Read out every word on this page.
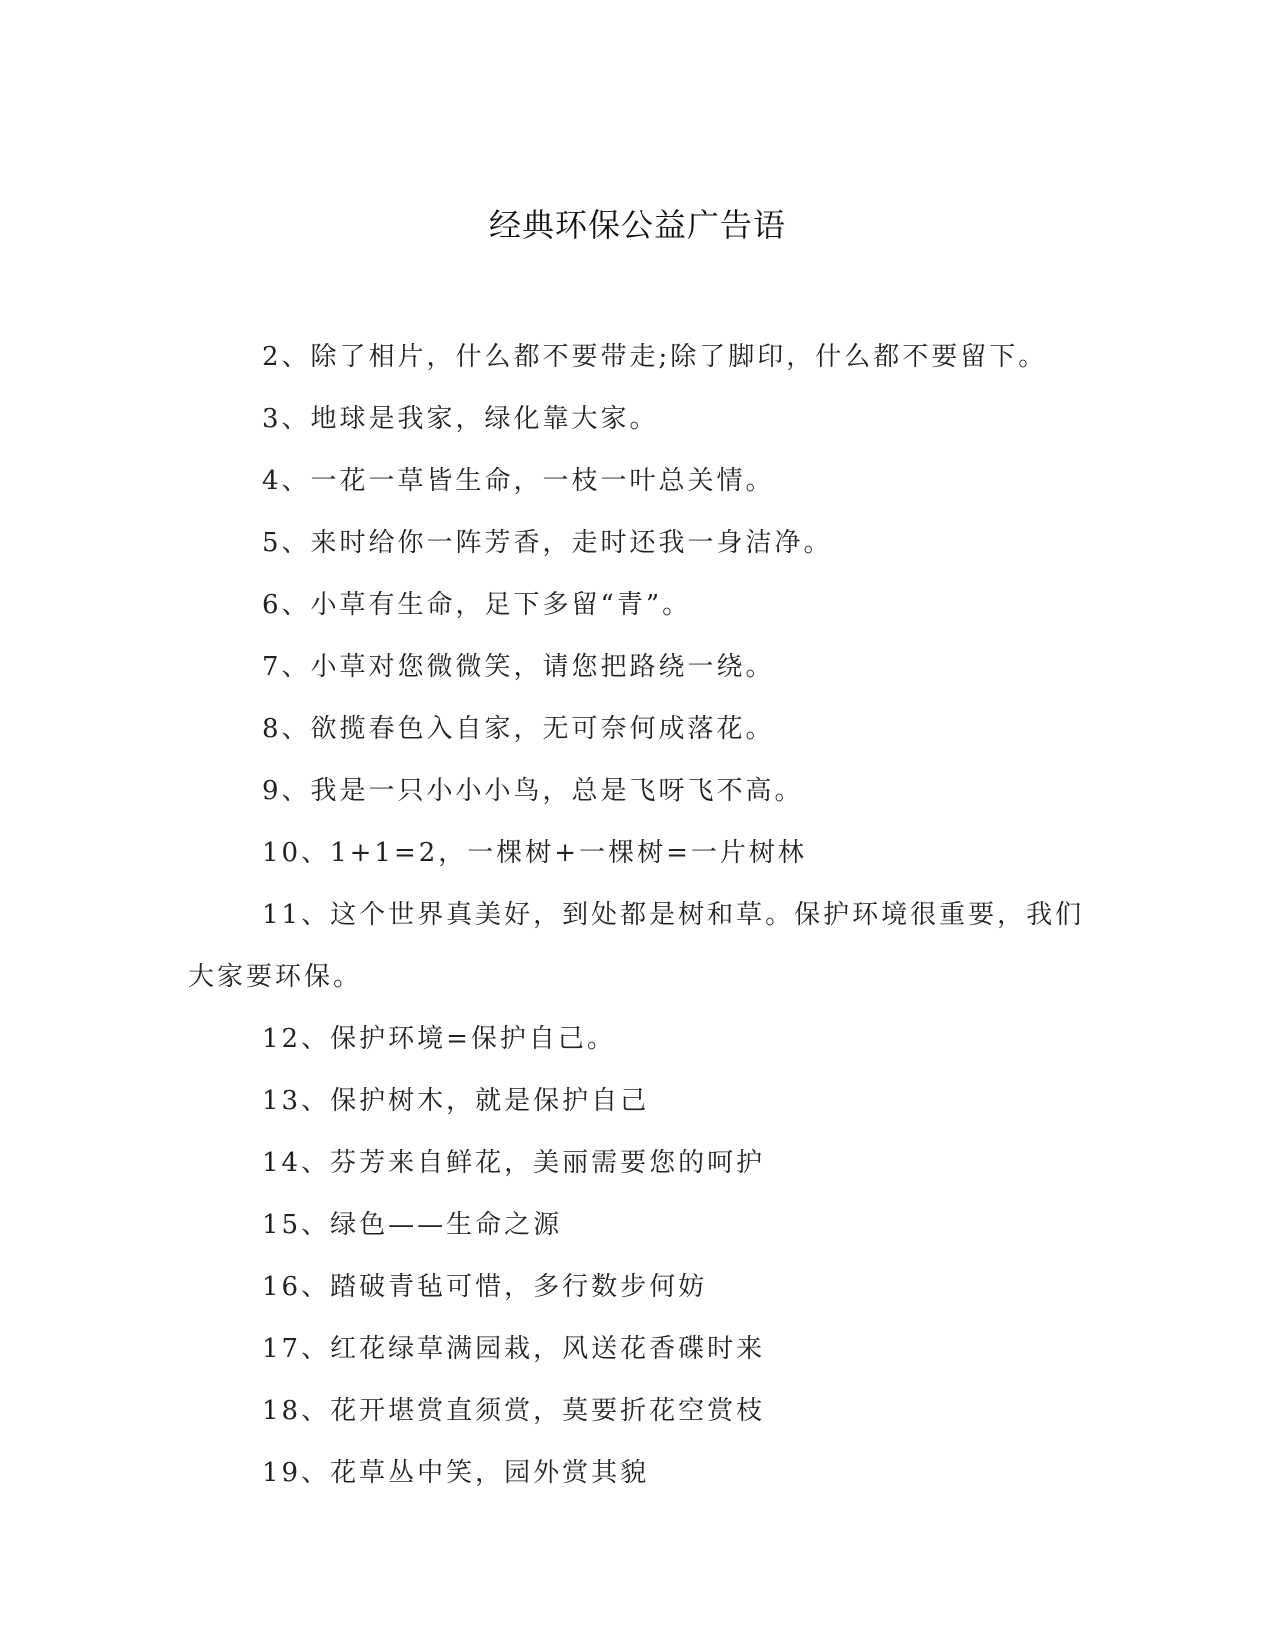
经典环保公益广告语

2、除了相片，什么都不要带走;除了脚印，什么都不要留下。

3、地球是我家，绿化靠大家。

4、一花一草皆生命，一枝一叶总关情。

5、来时给你一阵芳香，走时还我一身洁净。

6、小草有生命，足下多留“青”。

7、小草对您微微笑，请您把路绕一绕。

8、欲揽春色入自家，无可奈何成落花。

9、我是一只小小小鸟，总是飞呀飞不高。

10、1+1=2，一棵树+一棵树=一片树林

11、这个世界真美好，到处都是树和草。保护环境很重要，我们

大家要环保。

12、保护环境=保护自己。

13、保护树木，就是保护自己

14、芬芳来自鲜花，美丽需要您的呵护

15、绿色——生命之源

16、踏破青毡可惜，多行数步何妨

17、红花绿草满园栽，风送花香碟时来

18、花开堪赏直须赏，莫要折花空赏枝

19、花草丛中笑，园外赏其貌
